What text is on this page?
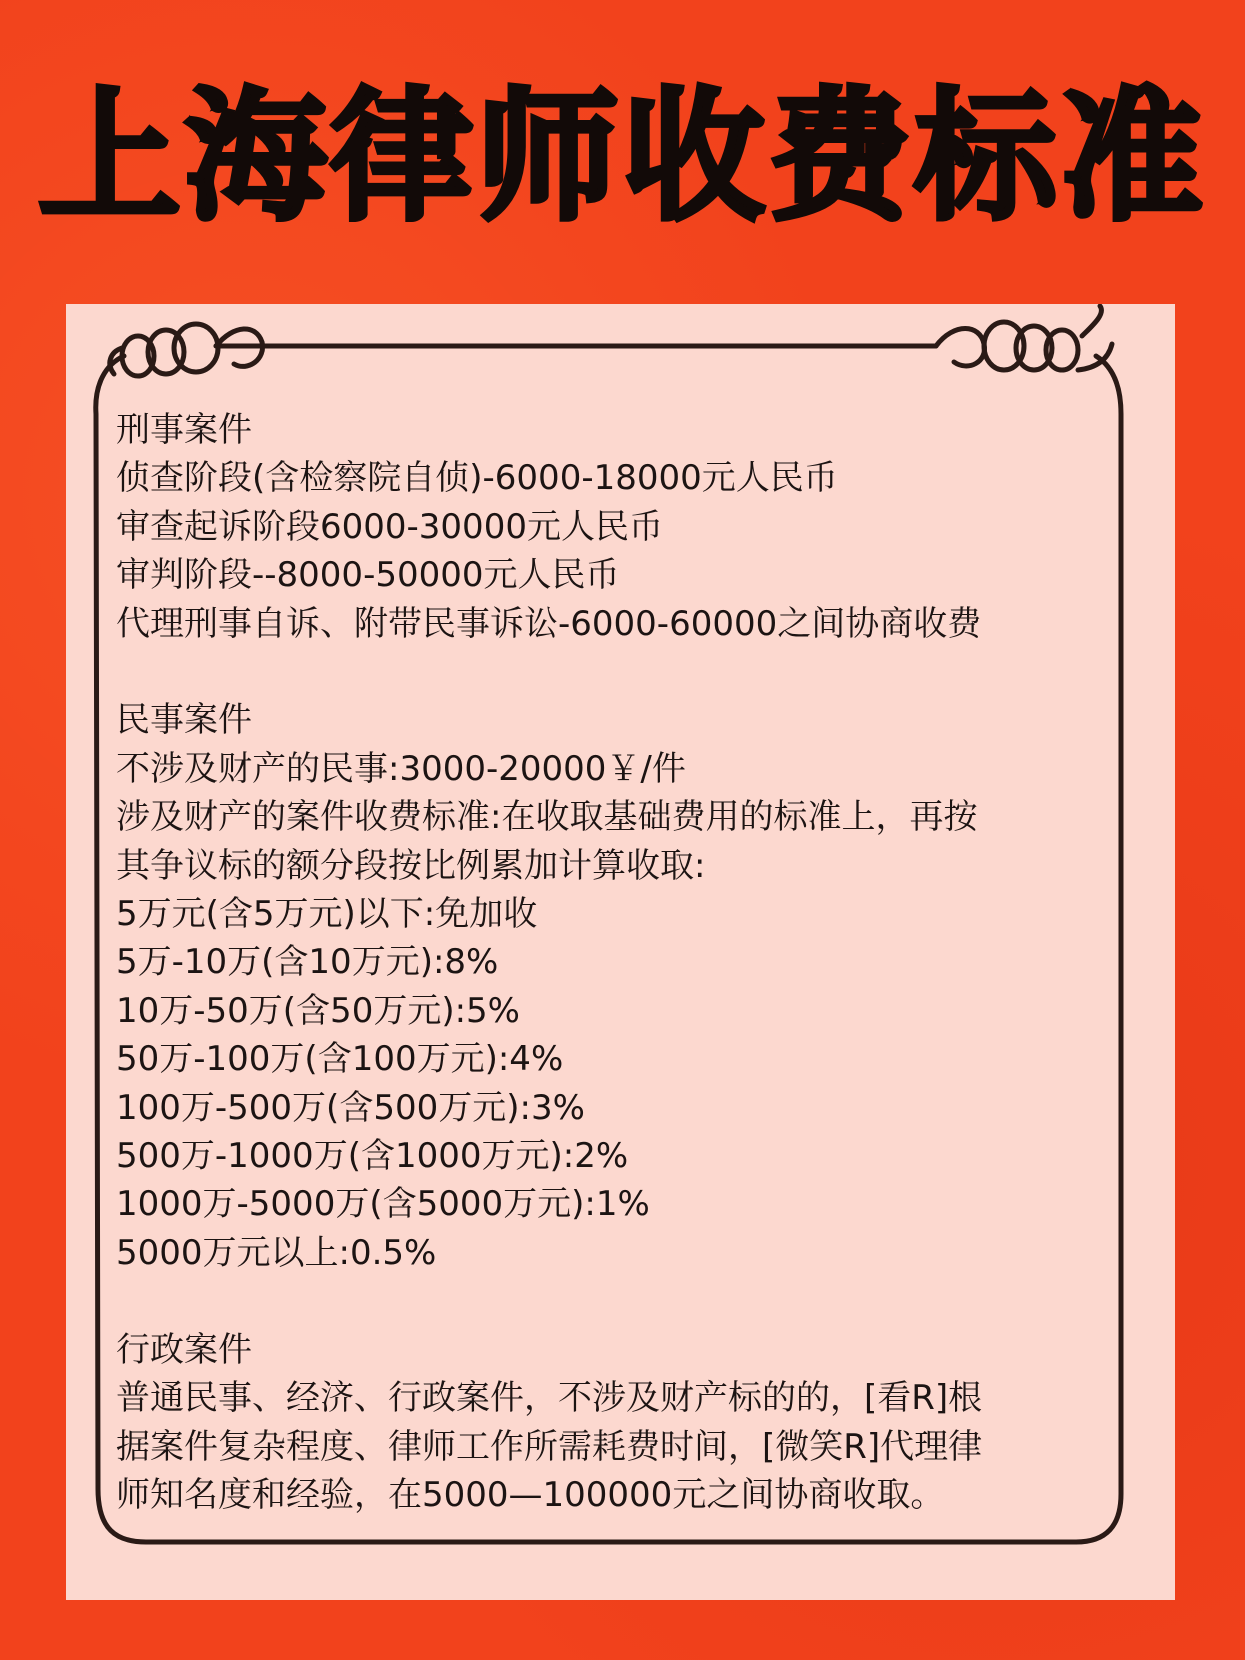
上海律师收费标准
刑事案件
侦查阶段(含检察院自侦)-6000-18000元人民币
审查起诉阶段6000-30000元人民币
审判阶段--8000-50000元人民币
代理刑事自诉、附带民事诉讼-6000-60000之间协商收费
民事案件
不涉及财产的民事:3000-20000￥/件
涉及财产的案件收费标准:在收取基础费用的标准上，再按
其争议标的额分段按比例累加计算收取:
5万元(含5万元)以下:免加收
5万-10万(含10万元):8%
10万-50万(含50万元):5%
50万-100万(含100万元):4%
100万-500万(含500万元):3%
500万-1000万(含1000万元):2%
1000万-5000万(含5000万元):1%
5000万元以上:0.5%
行政案件
普通民事、经济、行政案件，不涉及财产标的的，[看R]根
据案件复杂程度、律师工作所需耗费时间，[微笑R]代理律
师知名度和经验，在5000—100000元之间协商收取。
